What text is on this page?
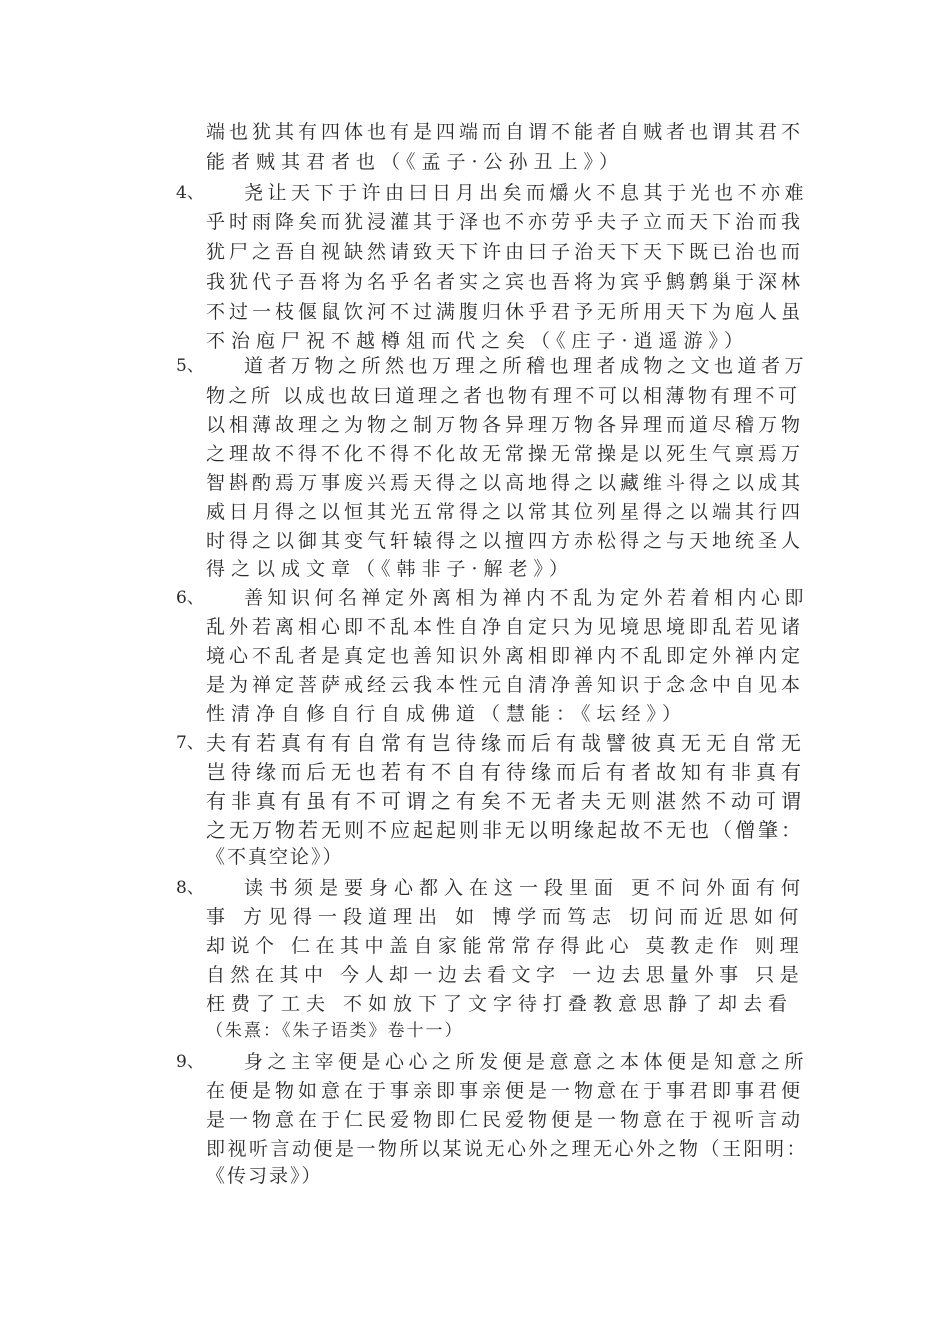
端也犹其有四体也有是四端而自谓不能者自贼者也谓其君不
能者贼其君者也（《孟子·公孙丑上》）
4、 尧让天下于许由曰日月出矣而爝火不息其于光也不亦难
乎时雨降矣而犹浸灌其于泽也不亦劳乎夫子立而天下治而我
犹尸之吾自视缺然请致天下许由曰子治天下天下既已治也而
我犹代子吾将为名乎名者实之宾也吾将为宾乎鹪鹩巢于深林
不过一枝偃鼠饮河不过满腹归休乎君予无所用天下为庖人虽
不治庖尸祝不越樽俎而代之矣（《庄子·逍遥游》）
5、 道者万物之所然也万理之所稽也理者成物之文也道者万
物之所 以成也故曰道理之者也物有理不可以相薄物有理不可
以相薄故理之为物之制万物各异理万物各异理而道尽稽万物
之理故不得不化不得不化故无常操无常操是以死生气禀焉万
智斟酌焉万事废兴焉天得之以高地得之以藏维斗得之以成其
威日月得之以恒其光五常得之以常其位列星得之以端其行四
时得之以御其变气轩辕得之以擅四方赤松得之与天地统圣人
得之以成文章（《韩非子·解老》）
6、 善知识何名禅定外离相为禅内不乱为定外若着相内心即
乱外若离相心即不乱本性自净自定只为见境思境即乱若见诸
境心不乱者是真定也善知识外离相即禅内不乱即定外禅内定
是为禅定菩萨戒经云我本性元自清净善知识于念念中自见本
性清净自修自行自成佛道（慧能：《坛经》）
7、 夫有若真有有自常有岂待缘而后有哉譬彼真无无自常无
岂待缘而后无也若有不自有待缘而后有者故知有非真有
有非真有虽有不可谓之有矣不无者夫无则湛然不动可谓
之无万物若无则不应起起则非无以明缘起故不无也（僧肇：
《不真空论》）
8、 读书须是要身心都入在这一段里面 更不问外面有何
事 方见得一段道理出 如 博学而笃志 切问而近思如何
却说个 仁在其中盖自家能常常存得此心 莫教走作 则理
自然在其中 今人却一边去看文字 一边去思量外事 只是
枉费了工夫 不如放下了文字待打叠教意思静了却去看
（朱熹：《朱子语类》卷十一）
9、 身之主宰便是心心之所发便是意意之本体便是知意之所
在便是物如意在于事亲即事亲便是一物意在于事君即事君便
是一物意在于仁民爱物即仁民爱物便是一物意在于视听言动
即视听言动便是一物所以某说无心外之理无心外之物（王阳明：
《传习录》）
